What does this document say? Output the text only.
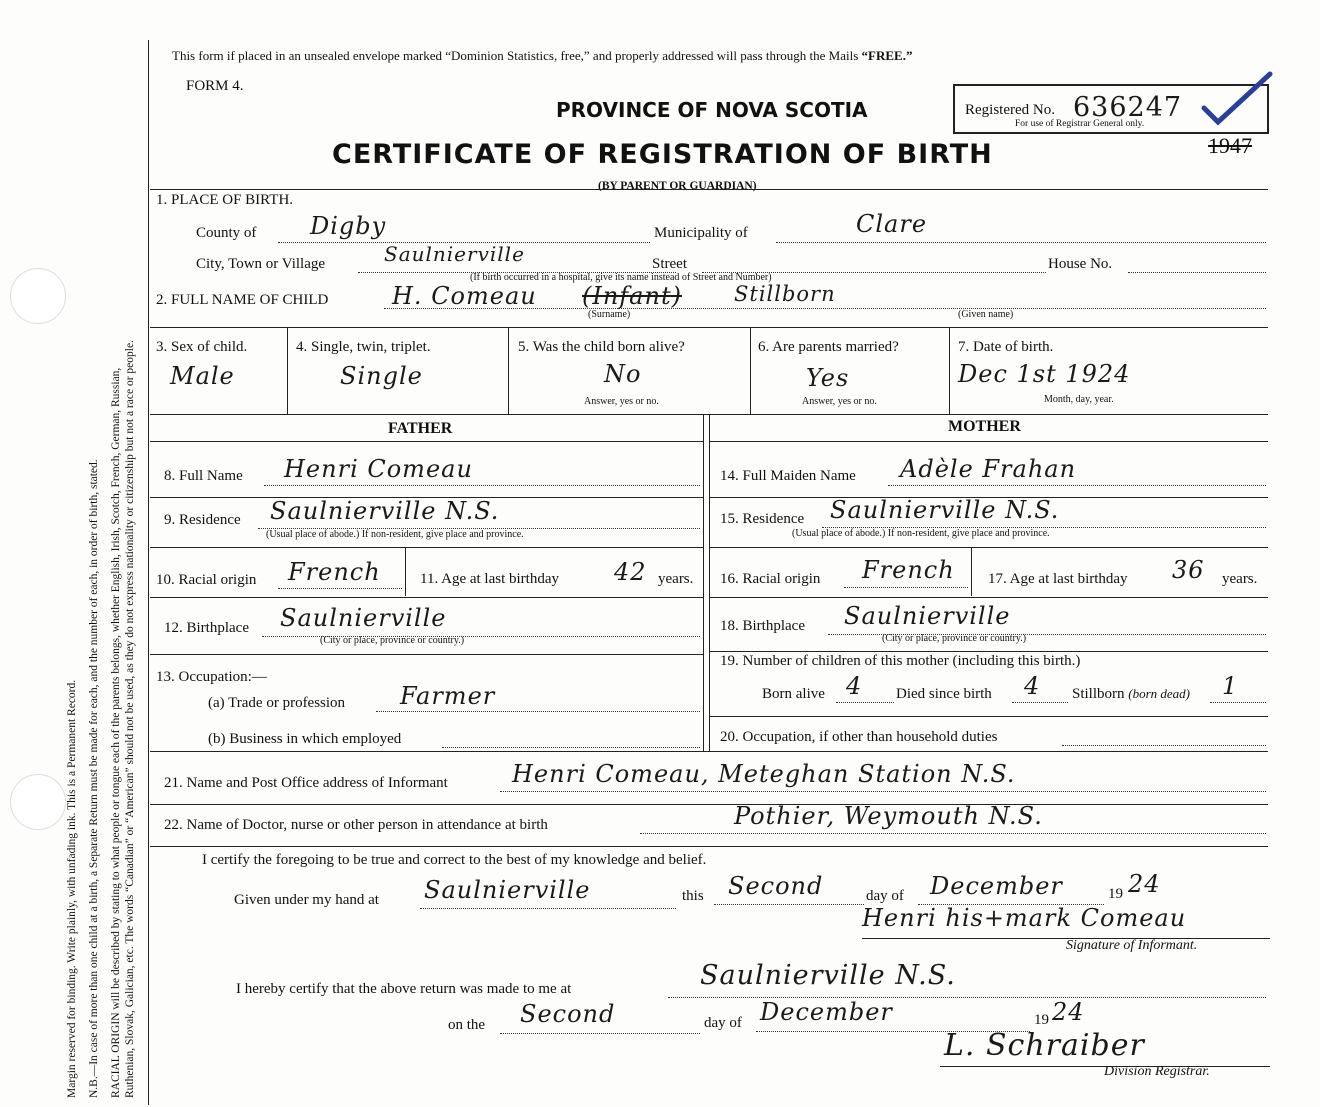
Margin reserved for binding. Write plainly, with unfading ink. This is a Permanent Record. N.B.—In case of more than one child at a birth, a Separate Return must be made for each, and the number of each, in order of birth, stated. RACIAL ORIGIN will be described by stating to what people or tongue each of the parents belongs, whether English, Irish, Scotch, French, German, Russian, Ruthenian, Slovak, Galician, etc. The words “Canadian” or “American” should not be used, as they do not express nationality or citizenship but not a race or people.
This form if placed in an unsealed envelope marked “Dominion Statistics, free,” and properly addressed will pass through the Mails “FREE.”
FORM 4.
PROVINCE OF NOVA SCOTIA
CERTIFICATE OF REGISTRATION OF BIRTH
(BY PARENT OR GUARDIAN)
Registered No. 636247
For use of Registrar General only.
1947
1. PLACE OF BIRTH.
County of Digby	Municipality of	Clare
City, Town or Village	Saulnierville	Street	House No.
(If birth occurred in a hospital, give its name instead of Street and Number)
2. FULL NAME OF CHILD	H. Comeau (Infant) Stillborn
(Surname)	(Given name)
3. Sex of child.
Male
4. Single, twin, triplet.
Single
5. Was the child born alive?
No
Answer, yes or no.
6. Are parents married?
Yes
Answer, yes or no.
7. Date of birth.
Dec 1st 1924
Month, day, year.
FATHER	MOTHER
8. Full Name Henri Comeau
9. Residence Saulnierville N.S.
(Usual place of abode.) If non-resident, give place and province.
10. Racial origin French	11. Age at last birthday 42 years.
12. Birthplace Saulnierville
(City or place, province or country.)
13. Occupation:—
(a) Trade or profession Farmer
(b) Business in which employed
14. Full Maiden Name Adèle Frahan
15. Residence Saulnierville N.S.
(Usual place of abode.) If non-resident, give place and province.
16. Racial origin French 17. Age at last birthday 36 years.
18. Birthplace Saulnierville
(City or place, province or country.)
19. Number of children of this mother (including this birth.)
Born alive 4 Died since birth 4 Stillborn (born dead) 1
20. Occupation, if other than household duties
21. Name and Post Office address of Informant	Henri Comeau, Meteghan Station N.S.
22. Name of Doctor, nurse or other person in attendance at birth	Pothier, Weymouth N.S.
I certify the foregoing to be true and correct to the best of my knowledge and belief.
Given under my hand at Saulnierville	this Second	day of December	19 24
Henri his+mark Comeau
Signature of Informant.
I hereby certify that the above return was made to me at	Saulnierville N.S.
on the Second	day of December	19 24
L. Schraiber
Division Registrar.
